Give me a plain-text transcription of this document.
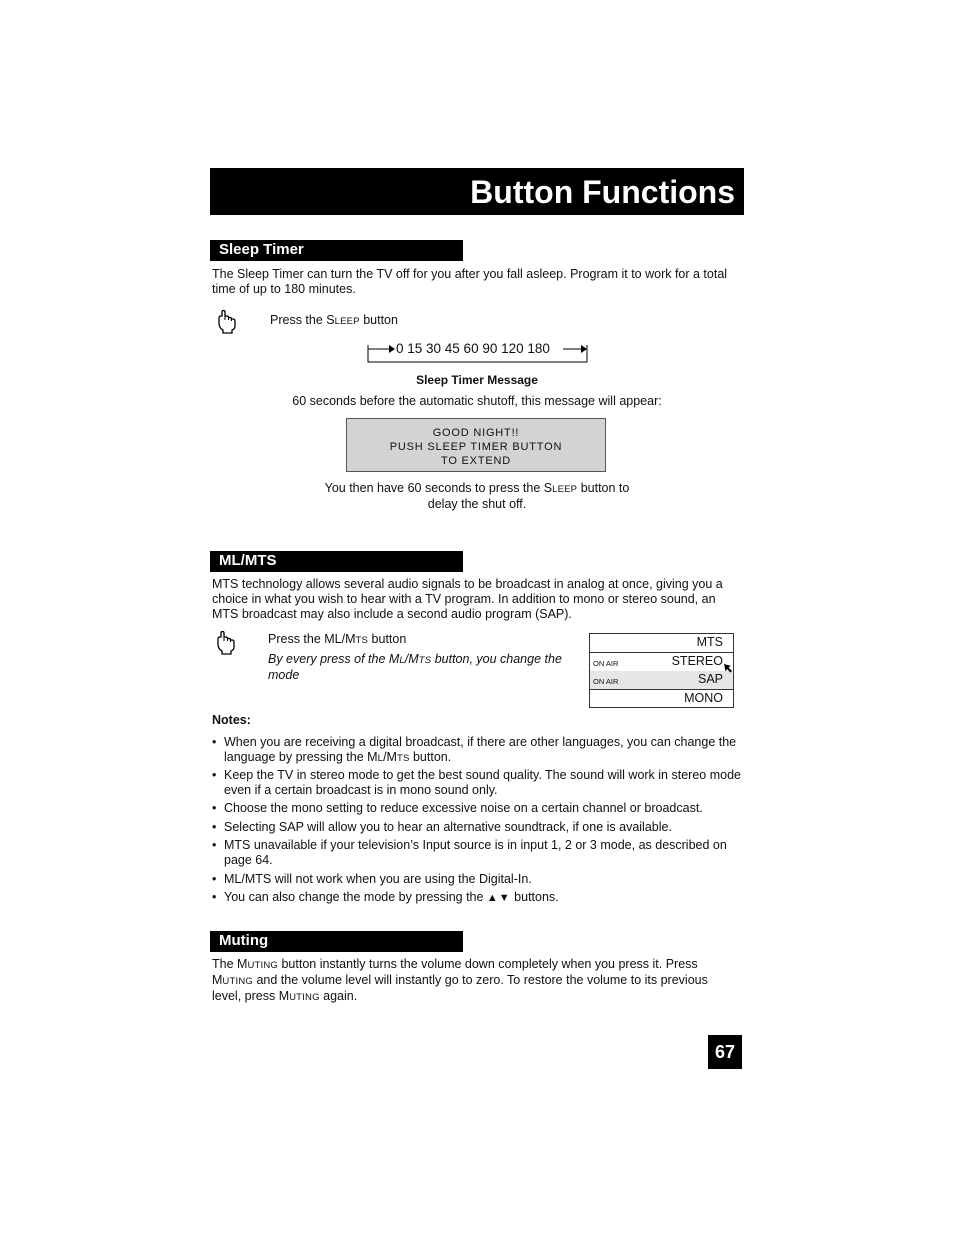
Button Functions
Sleep Timer
The Sleep Timer can turn the TV off for you after you fall asleep. Program it to work for a total time of up to 180 minutes.
Press the SLEEP button
0 15 30 45 60 90 120 180
Sleep Timer Message
60 seconds before the automatic shutoff, this message will appear:
GOOD NIGHT!!
PUSH SLEEP TIMER BUTTON
TO EXTEND
You then have 60 seconds to press the SLEEP button to
delay the shut off.
ML/MTS
MTS technology allows several audio signals to be broadcast in analog at once, giving you a choice in what you wish to hear with a TV program. In addition to mono or stereo sound, an MTS broadcast may also include a second audio program (SAP).
Press the ML/MTS button
By every press of the ML/MTS button, you change the mode
MTS
ON AIR	STEREO
ON AIR	SAP
MONO
Notes:
• When you are receiving a digital broadcast, if there are other languages, you can change the language by pressing the ML/MTS button.
• Keep the TV in stereo mode to get the best sound quality. The sound will work in stereo mode even if a certain broadcast is in mono sound only.
• Choose the mono setting to reduce excessive noise on a certain channel or broadcast.
• Selecting SAP will allow you to hear an alternative soundtrack, if one is available.
• MTS unavailable if your television’s Input source is in input 1, 2 or 3 mode, as described on page 64.
• ML/MTS will not work when you are using the Digital-In.
• You can also change the mode by pressing the ▲▼ buttons.
Muting
The MUTING button instantly turns the volume down completely when you press it. Press
MUTING and the volume level will instantly go to zero. To restore the volume to its previous
level, press MUTING again.
67
